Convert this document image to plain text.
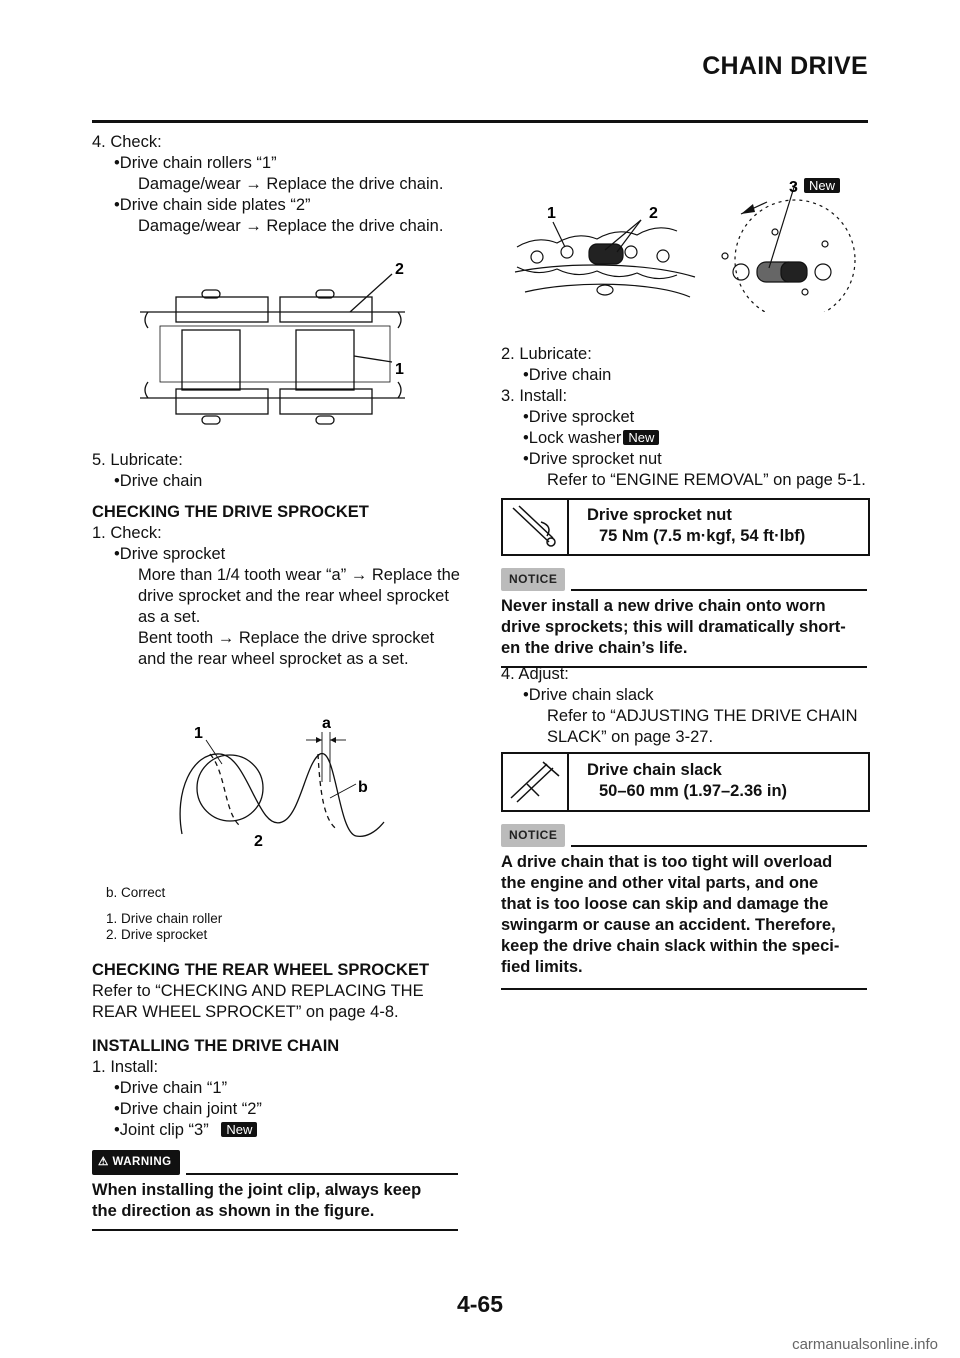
CHAIN DRIVE
4. Check:
• Drive chain rollers “1”
Damage/wear → Replace the drive chain.
• Drive chain side plates “2”
Damage/wear → Replace the drive chain.
2
1
5. Lubricate:
• Drive chain
CHECKING THE DRIVE SPROCKET
1. Check:
• Drive sprocket
More than 1/4 tooth wear “a” → Replace the
drive sprocket and the rear wheel sprocket
as a set.
Bent tooth → Replace the drive sprocket
and the rear wheel sprocket as a set.
1
a
b
2
b. Correct
1. Drive chain roller
2. Drive sprocket
CHECKING THE REAR WHEEL SPROCKET
Refer to “CHECKING AND REPLACING THE
REAR WHEEL SPROCKET” on page 4-8.
INSTALLING THE DRIVE CHAIN
1. Install:
• Drive chain “1”
• Drive chain joint “2”
• Joint clip “3” New
⚠ WARNING
When installing the joint clip, always keep
the direction as shown in the figure.
3
1	2
New
2. Lubricate:
• Drive chain
3. Install:
• Drive sprocket
• Lock washer New
• Drive sprocket nut
Refer to “ENGINE REMOVAL” on page 5-1.
Drive sprocket nut
75 Nm (7.5 m·kgf, 54 ft·lbf)
NOTICE
Never install a new drive chain onto worn
drive sprockets; this will dramatically short-
en the drive chain’s life.
4. Adjust:
• Drive chain slack
Refer to “ADJUSTING THE DRIVE CHAIN
SLACK” on page 3-27.
Drive chain slack
50–60 mm (1.97–2.36 in)
NOTICE
A drive chain that is too tight will overload
the engine and other vital parts, and one
that is too loose can skip and damage the
swingarm or cause an accident. Therefore,
keep the drive chain slack within the speci-
fied limits.
4-65
carmanualsonline.info
